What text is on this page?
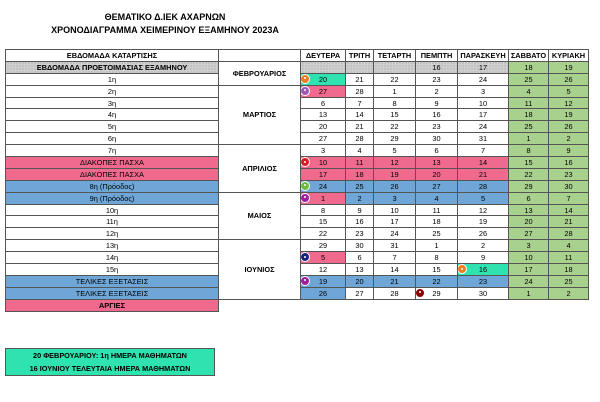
ΘΕΜΑΤΙΚΟ Δ.ΙΕΚ ΑΧΑΡΝΩΝ
ΧΡΟΝΟΔΙΑΓΡΑΜΜΑ ΧΕΙΜΕΡΙΝΟΥ ΕΞΑΜΗΝΟΥ 2023Α
ΕΒΔΟΜΑΔΑ ΚΑΤΑΡΤΙΣΗΣ		ΔΕΥΤΕΡΑ	ΤΡΙΤΗ	ΤΕΤΑΡΤΗ	ΠΕΜΠΤΗ	ΠΑΡΑΣΚΕΥΗ	ΣΑΒΒΑΤΟ	ΚΥΡΙΑΚΗ
ΕΒΔΟΜΑΔΑ ΠΡΟΕΤΟΙΜΑΣΙΑΣ ΕΞΑΜΗΝΟΥ	ΦΕΒΡΟΥΑΡΙΟΣ				16	17	18	19
1η		20	21	22	23	24	25	26
2η	ΜΑΡΤΙΟΣ	27	28	1	2	3	4	5
3η		6	7	8	9	10	11	12
4η		13	14	15	16	17	18	19
5η		20	21	22	23	24	25	26
6η		27	28	29	30	31	1	2
7η	ΑΠΡΙΛΙΟΣ	3	4	5	6	7	8	9
ΔΙΑΚΟΠΕΣ ΠΑΣΧΑ		10	11	12	13	14	15	16
ΔΙΑΚΟΠΕΣ ΠΑΣΧΑ		17	18	19	20	21	22	23
8η (Πρόοδος)		24	25	26	27	28	29	30
9η (Πρόοδος)	ΜΑΙΟΣ	1	2	3	4	5	6	7
10η		8	9	10	11	12	13	14
11η		15	16	17	18	19	20	21
12η		22	23	24	25	26	27	28
13η	ΙΟΥΝΙΟΣ	29	30	31	1	2	3	4
14η		5	6	7	8	9	10	11
15η		12	13	14	15	16	17	18
ΤΕΛΙΚΕΣ ΕΞΕΤΑΣΕΙΣ		19	20	21	22	23	24	25
ΤΕΛΙΚΕΣ ΕΞΕΤΑΣΕΙΣ		26	27	28	29	30	1	2
ΑΡΓΙΕΣ								
20 ΦΕΒΡΟΥΑΡΙΟΥ: 1η ΗΜΕΡΑ ΜΑΘΗΜΑΤΩΝ
16 ΙΟΥΝΙΟΥ ΤΕΛΕΥΤΑΙΑ ΗΜΕΡΑ ΜΑΘΗΜΑΤΩΝ
